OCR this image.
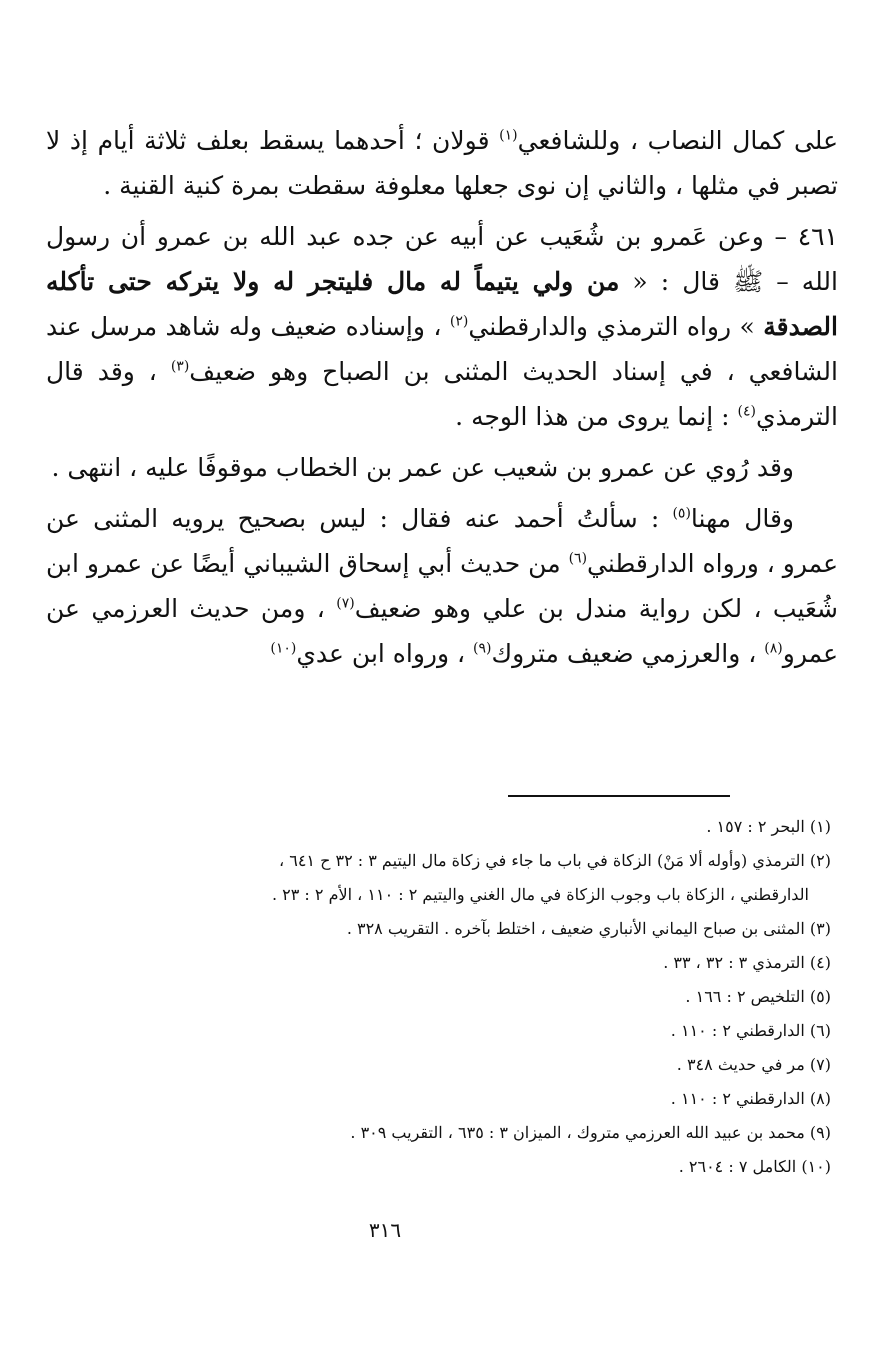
على كمال النصاب ، وللشافعي$^{(١)}$ قولان ؛ أحدهما يسقط بعلف ثلاثة أيام إذ لا تصبر في مثلها ، والثاني إن نوى جعلها معلوفة سقطت بمرة كنية القنية .

٤٦١ – وعن عَمرو بن شُعَيب عن أبيه عن جده عبد الله بن عمرو أن رسول الله – ﷺ قال : « من ولي يتيماً له مال فليتجر له ولا يتركه حتى تأكله الصدقة » رواه الترمذي والدارقطني$^{(٢)}$ ، وإسناده ضعيف وله شاهد مرسل عند الشافعي ، في إسناد الحديث المثنى بن الصباح وهو ضعيف$^{(٣)}$ ، وقد قال الترمذي$^{(٤)}$ : إنما يروى من هذا الوجه .

وقد رُوي عن عمرو بن شعيب عن عمر بن الخطاب موقوفًا عليه ، انتهى .

وقال مهنا$^{(٥)}$ : سألتُ أحمد عنه فقال : ليس بصحيح يرويه المثنى عن عمرو ، ورواه الدارقطني$^{(٦)}$ من حديث أبي إسحاق الشيباني أيضًا عن عمرو ابن شُعَيب ، لكن رواية مندل بن علي وهو ضعيف$^{(٧)}$ ، ومن حديث العرزمي عن عمرو$^{(٨)}$ ، والعرزمي ضعيف متروك$^{(٩)}$ ، ورواه ابن عدي$^{(١٠)}$

(١) البحر ٢ : ١٥٧ .

(٢) الترمذي (وأوله ألا مَنْ) الزكاة في باب ما جاء في زكاة مال اليتيم ٣ : ٣٢ ح ٦٤١ ،

الدارقطني ، الزكاة باب وجوب الزكاة في مال الغني واليتيم ٢ : ١١٠ ، الأم ٢ : ٢٣ .

(٣) المثنى بن صباح اليماني الأنباري ضعيف ، اختلط بآخره . التقريب ٣٢٨ .

(٤) الترمذي ٣ : ٣٢ ، ٣٣ .

(٥) التلخيص ٢ : ١٦٦ .

(٦) الدارقطني ٢ : ١١٠ .

(٧) مر في حديث ٣٤٨ .

(٨) الدارقطني ٢ : ١١٠ .

(٩) محمد بن عبيد الله العرزمي متروك ، الميزان ٣ : ٦٣٥ ، التقريب ٣٠٩ .

(١٠) الكامل ٧ : ٢٦٠٤ .

٣١٦
